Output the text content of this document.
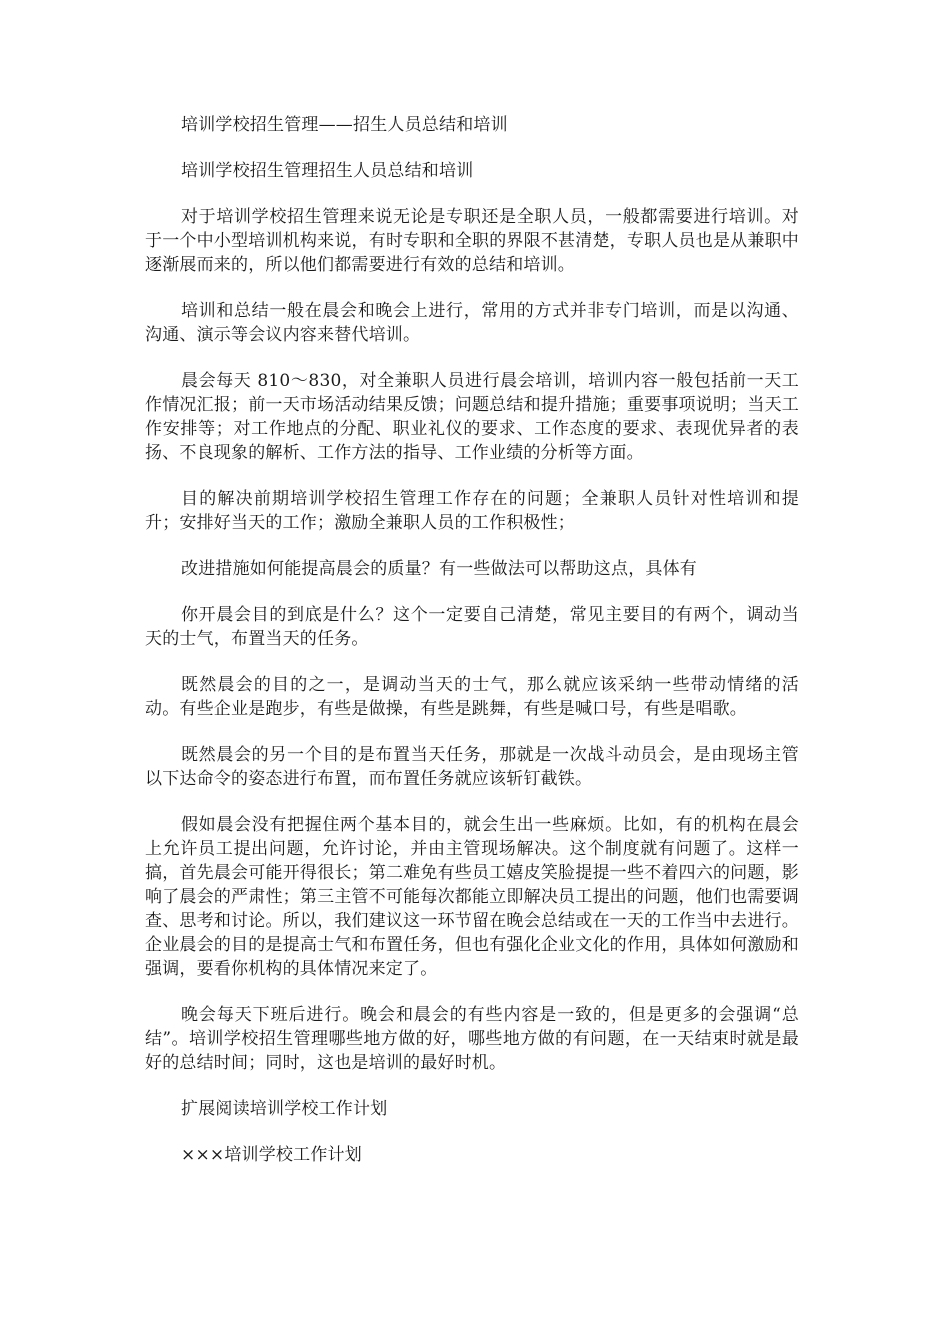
培训学校招生管理——招生人员总结和培训

培训学校招生管理招生人员总结和培训

对于培训学校招生管理来说无论是专职还是全职人员，一般都需要进行培训。对于一个中小型培训机构来说，有时专职和全职的界限不甚清楚，专职人员也是从兼职中逐渐展而来的，所以他们都需要进行有效的总结和培训。

培训和总结一般在晨会和晚会上进行，常用的方式并非专门培训，而是以沟通、沟通、演示等会议内容来替代培训。

晨会每天 810～830，对全兼职人员进行晨会培训，培训内容一般包括前一天工作情况汇报；前一天市场活动结果反馈；问题总结和提升措施；重要事项说明；当天工作安排等；对工作地点的分配、职业礼仪的要求、工作态度的要求、表现优异者的表扬、不良现象的解析、工作方法的指导、工作业绩的分析等方面。

目的解决前期培训学校招生管理工作存在的问题；全兼职人员针对性培训和提升；安排好当天的工作；激励全兼职人员的工作积极性；

改进措施如何能提高晨会的质量？有一些做法可以帮助这点，具体有

你开晨会目的到底是什么？这个一定要自己清楚，常见主要目的有两个，调动当天的士气，布置当天的任务。

既然晨会的目的之一，是调动当天的士气，那么就应该采纳一些带动情绪的活动。有些企业是跑步，有些是做操，有些是跳舞，有些是喊口号，有些是唱歌。

既然晨会的另一个目的是布置当天任务，那就是一次战斗动员会，是由现场主管以下达命令的姿态进行布置，而布置任务就应该斩钉截铁。

假如晨会没有把握住两个基本目的，就会生出一些麻烦。比如，有的机构在晨会上允许员工提出问题，允许讨论，并由主管现场解决。这个制度就有问题了。这样一搞，首先晨会可能开得很长；第二难免有些员工嬉皮笑脸提提一些不着四六的问题，影响了晨会的严肃性；第三主管不可能每次都能立即解决员工提出的问题，他们也需要调查、思考和讨论。所以，我们建议这一环节留在晚会总结或在一天的工作当中去进行。企业晨会的目的是提高士气和布置任务，但也有强化企业文化的作用，具体如何激励和强调，要看你机构的具体情况来定了。

晚会每天下班后进行。晚会和晨会的有些内容是一致的，但是更多的会强调“总结”。培训学校招生管理哪些地方做的好，哪些地方做的有问题，在一天结束时就是最好的总结时间；同时，这也是培训的最好时机。

扩展阅读培训学校工作计划

×××培训学校工作计划
